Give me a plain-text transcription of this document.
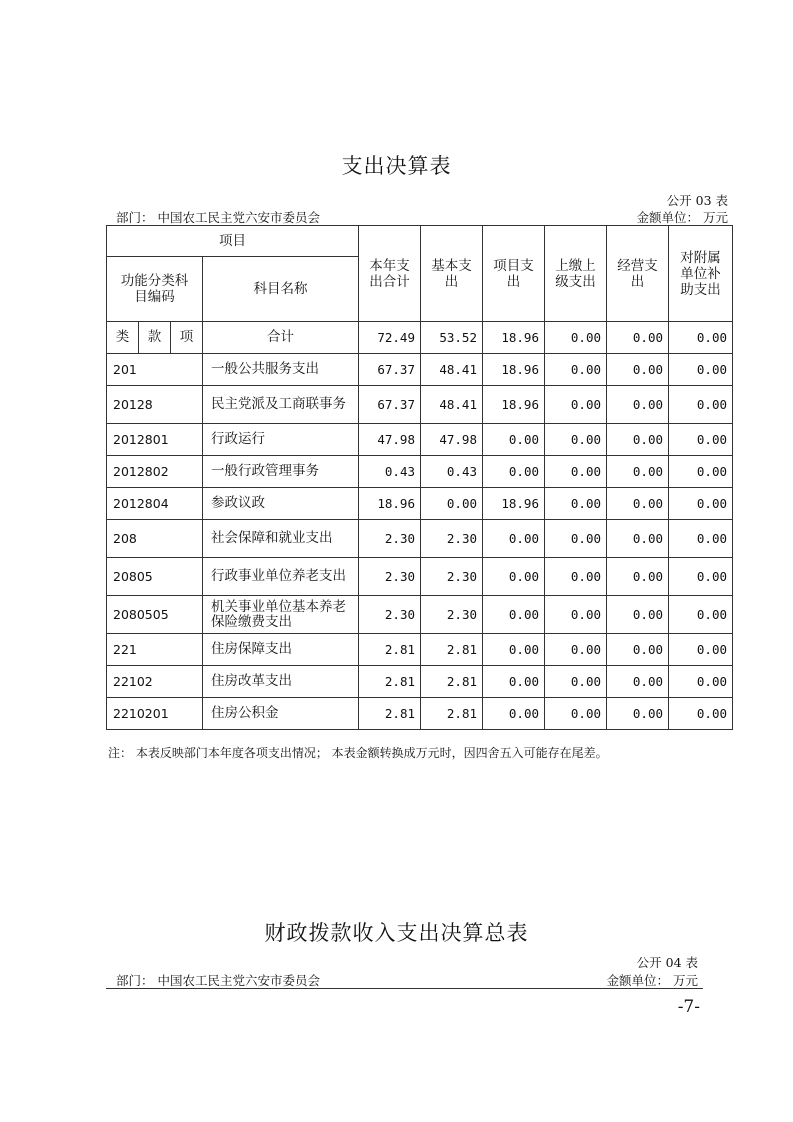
支出决算表
公开 03 表
部门： 中国农工民主党六安市委员会	金额单位： 万元
项目				本年支出合计	基本支出	项目支出	上缴上级支出	经营支出	对附属单位补助支出
功能分类科目编码			科目名称						
类	款	项	合计	72.49	53.52	18.96	0.00	0.00	0.00
201			一般公共服务支出	67.37	48.41	18.96	0.00	0.00	0.00
20128			民主党派及工商联事务	67.37	48.41	18.96	0.00	0.00	0.00
2012801			行政运行	47.98	47.98	0.00	0.00	0.00	0.00
2012802			一般行政管理事务	0.43	0.43	0.00	0.00	0.00	0.00
2012804			参政议政	18.96	0.00	18.96	0.00	0.00	0.00
208			社会保障和就业支出	2.30	2.30	0.00	0.00	0.00	0.00
20805			行政事业单位养老支出	2.30	2.30	0.00	0.00	0.00	0.00
2080505			机关事业单位基本养老保险缴费支出	2.30	2.30	0.00	0.00	0.00	0.00
221			住房保障支出	2.81	2.81	0.00	0.00	0.00	0.00
22102			住房改革支出	2.81	2.81	0.00	0.00	0.00	0.00
2210201			住房公积金	2.81	2.81	0.00	0.00	0.00	0.00
注： 本表反映部门本年度各项支出情况； 本表金额转换成万元时，因四舍五入可能存在尾差。
财政拨款收入支出决算总表
公开 04 表
部门： 中国农工民主党六安市委员会	金额单位： 万元
-7-
